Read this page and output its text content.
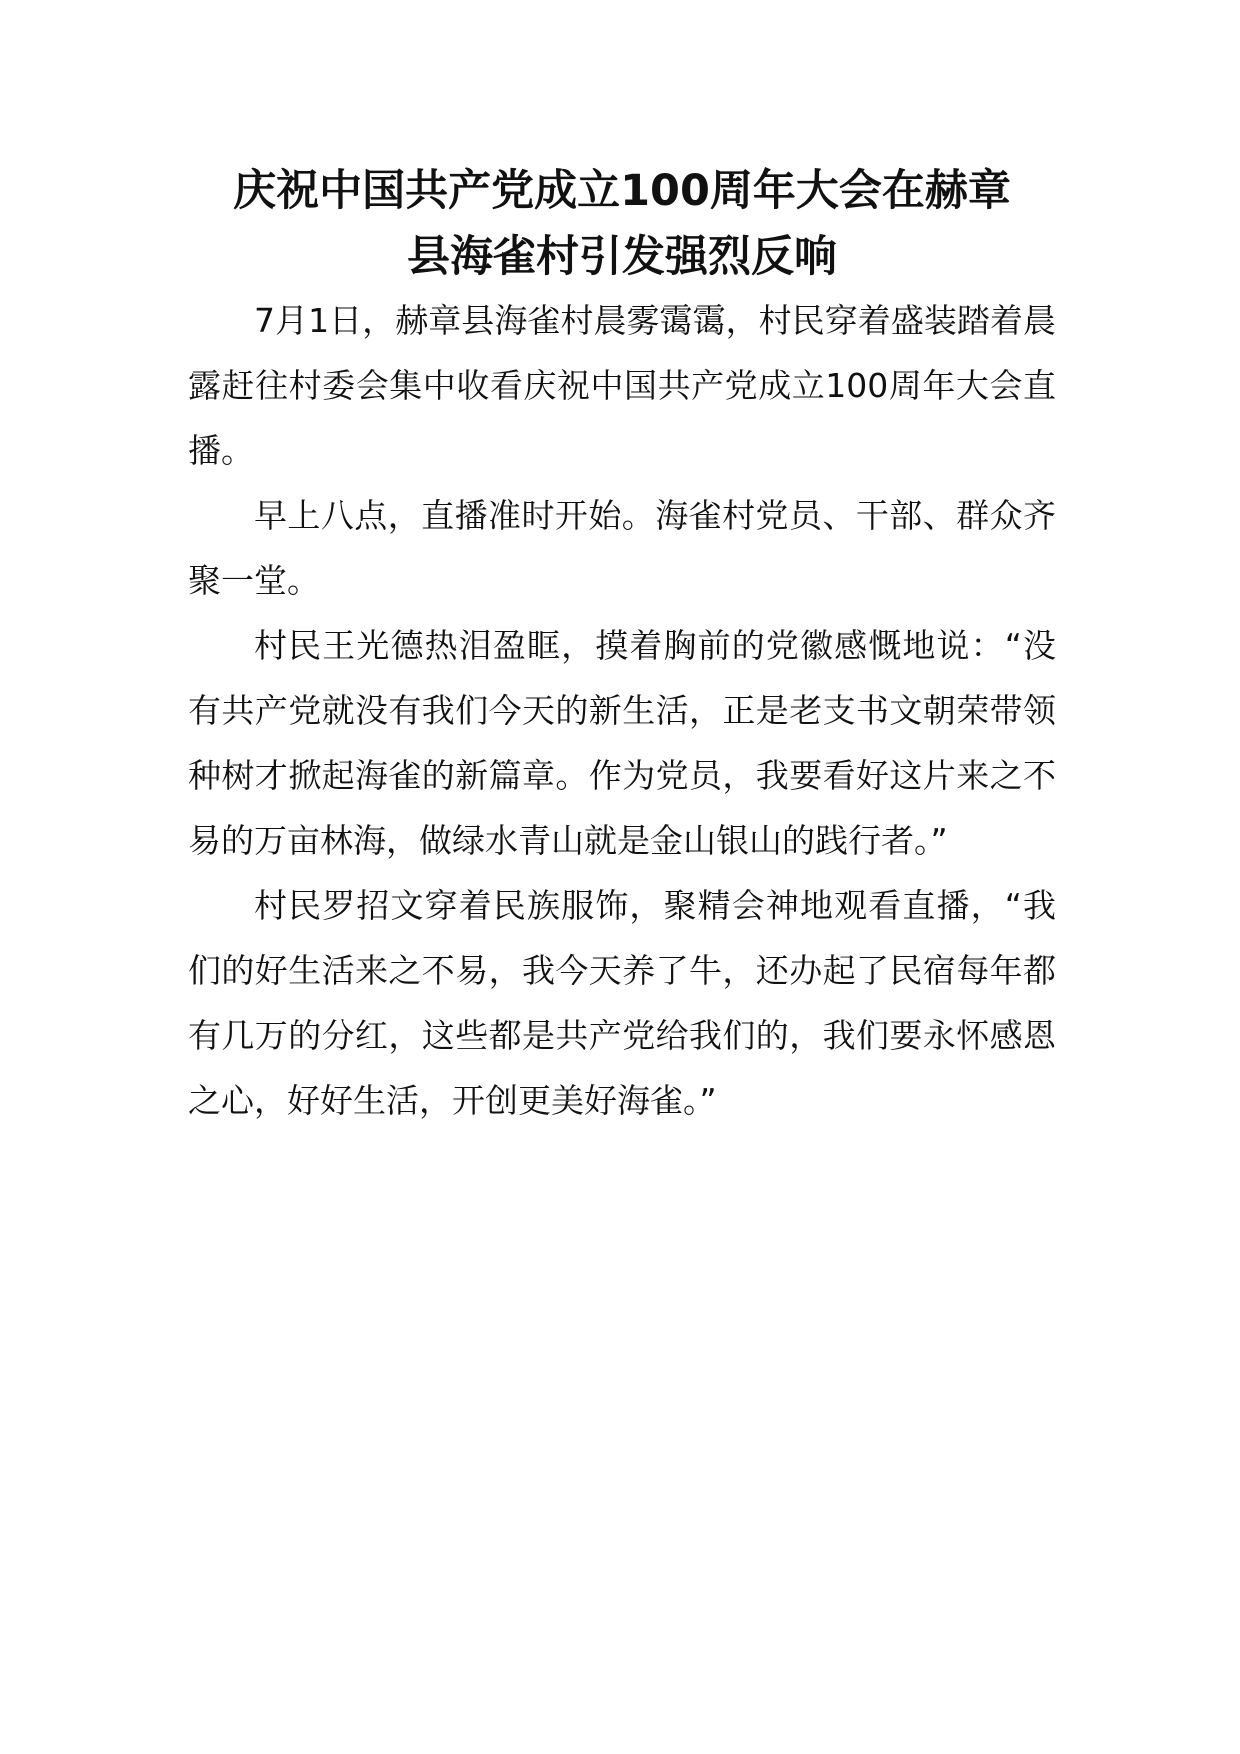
庆祝中国共产党成立100周年大会在赫章
县海雀村引发强烈反响

7月1日，赫章县海雀村晨雾霭霭，村民穿着盛装踏着晨露赶往村委会集中收看庆祝中国共产党成立100周年大会直播。

早上八点，直播准时开始。海雀村党员、干部、群众齐聚一堂。

村民王光德热泪盈眶，摸着胸前的党徽感慨地说：“没有共产党就没有我们今天的新生活，正是老支书文朝荣带领种树才掀起海雀的新篇章。作为党员，我要看好这片来之不易的万亩林海，做绿水青山就是金山银山的践行者。”

村民罗招文穿着民族服饰，聚精会神地观看直播，“我们的好生活来之不易，我今天养了牛，还办起了民宿每年都有几万的分红，这些都是共产党给我们的，我们要永怀感恩之心，好好生活，开创更美好海雀。”
